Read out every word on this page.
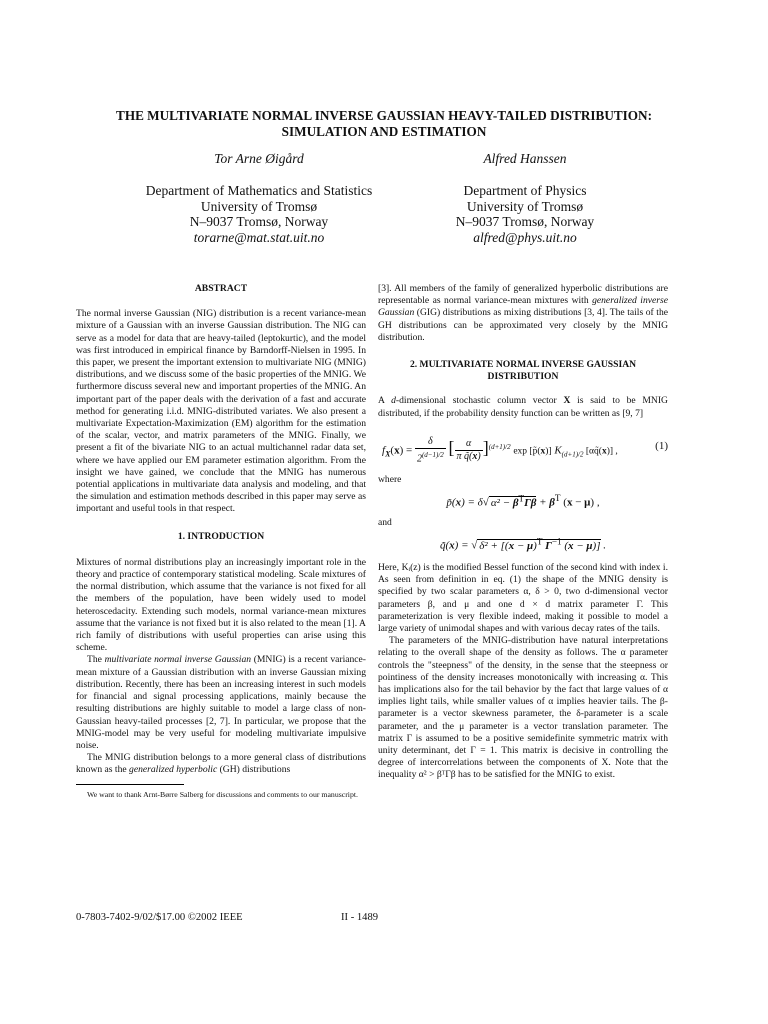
THE MULTIVARIATE NORMAL INVERSE GAUSSIAN HEAVY-TAILED DISTRIBUTION:
SIMULATION AND ESTIMATION
Tor Arne Øigård
Department of Mathematics and Statistics
University of Tromsø
N–9037 Tromsø, Norway
torarne@mat.stat.uit.no
Alfred Hanssen
Department of Physics
University of Tromsø
N–9037 Tromsø, Norway
alfred@phys.uit.no
ABSTRACT

The normal inverse Gaussian (NIG) distribution is a recent variance-mean mixture of a Gaussian with an inverse Gaussian distribution. The NIG can serve as a model for data that are heavy-tailed (leptokurtic), and the model was first introduced in empirical finance by Barndorff-Nielsen in 1995. In this paper, we present the important extension to multivariate NIG (MNIG) distributions, and we discuss some of the basic properties of the MNIG. We furthermore discuss several new and important properties of the MNIG. An important part of the paper deals with the derivation of a fast and accurate method for generating i.i.d. MNIG-distributed variates. We also present a multivariate Expectation-Maximization (EM) algorithm for the estimation of the scalar, vector, and matrix parameters of the MNIG. Finally, we present a fit of the bivariate NIG to an actual multichannel radar data set, where we have applied our EM parameter estimation algorithm. From the insight we have gained, we conclude that the MNIG has numerous potential applications in multivariate data analysis and modeling, and that the simulation and estimation methods described in this paper may serve as important and useful tools in that respect.

1. INTRODUCTION

Mixtures of normal distributions play an increasingly important role in the theory and practice of contemporary statistical modeling. Scale mixtures of the normal distribution, which assume that the variance is not fixed for all the members of the population, have been widely used to model heteroscedacity. Extending such models, normal variance-mean mixtures assume that the variance is not fixed but it is also related to the mean [1]. A rich family of distributions with useful properties can arise using this scheme.

The multivariate normal inverse Gaussian (MNIG) is a recent variance-mean mixture of a Gaussian distribution with an inverse Gaussian mixing distribution. Recently, there has been an increasing interest in such models for financial and signal processing applications, mainly because the resulting distributions are highly suitable to model a large class of non-Gaussian heavy-tailed processes [2, 7]. In particular, we propose that the MNIG-model may be very useful for modeling multivariate impulsive noise.

The MNIG distribution belongs to a more general class of distributions known as the generalized hyperbolic (GH) distributions

We want to thank Arnt-Børre Salberg for discussions and comments to our manuscript.

[3]. All members of the family of generalized hyperbolic distributions are representable as normal variance-mean mixtures with generalized inverse Gaussian (GIG) distributions as mixing distributions [3, 4]. The tails of the GH distributions can be approximated very closely by the MNIG distribution.

2. MULTIVARIATE NORMAL INVERSE GAUSSIAN
DISTRIBUTION

A d-dimensional stochastic column vector X is said to be MNIG distributed, if the probability density function can be written as [9, 7]

$f_X(x) = \frac{\delta}{2^{(d-1)/2}}$ [ $\frac{\alpha}{\text{π q̃(x)}} ]^{(d+1)/2}$ exp [p̃(x)] $K_{(d+1)/2}$ [αq̃(x)] ,	(1)

where

p̃(x) = δ√ $\alpha^2 - \beta^T\Gamma\beta + \beta^T$ (x − μ) ,

and

q̃(x) = √ $\delta^2 + [(x - \mu)^T$ $\Gamma^{-1}$ (x − μ)] .

Here, Kᵢ(z) is the modified Bessel function of the second kind with index i. As seen from definition in eq. (1) the shape of the MNIG density is specified by two scalar parameters α, δ > 0, two d-dimensional vector parameters β, and μ and one d × d matrix parameter Γ. This parameterization is very flexible indeed, making it possible to model a large variety of unimodal shapes and with various decay rates of the tails.

The parameters of the MNIG-distribution have natural interpretations relating to the overall shape of the density as follows. The α parameter controls the "steepness" of the density, in the sense that the steepness or pointiness of the density increases monotonically with increasing α. This has implications also for the tail behavior by the fact that large values of α implies light tails, while smaller values of α implies heavier tails. The β-parameter is a vector skewness parameter, the δ-parameter is a scale parameter, and the μ parameter is a vector translation parameter. The matrix Γ is assumed to be a positive semidefinite symmetric matrix with unity determinant, det Γ = 1. This matrix is decisive in controlling the degree of intercorrelations between the components of X. Note that the inequality α² > βᵀΓβ has to be satisfied for the MNIG to exist.

0-7803-7402-9/02/$17.00 ©2002 IEEE	II - 1489
